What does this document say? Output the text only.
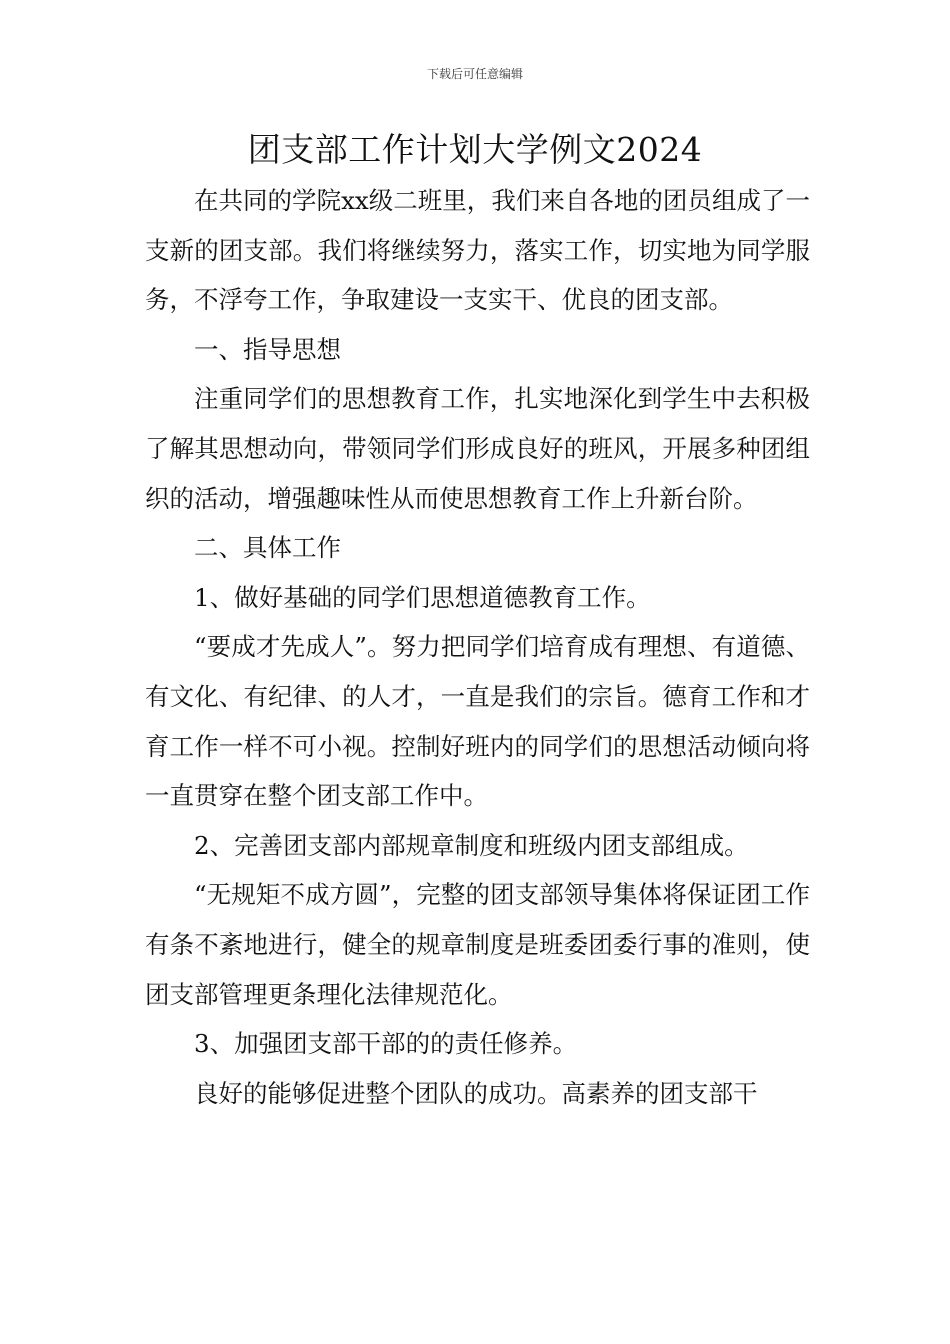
下载后可任意编辑
团支部工作计划大学例文2024

在共同的学院xx级二班里，我们来自各地的团员组成了一支新的团支部。我们将继续努力，落实工作，切实地为同学服务，不浮夸工作，争取建设一支实干、优良的团支部。

一、指导思想

注重同学们的思想教育工作，扎实地深化到学生中去积极了解其思想动向，带领同学们形成良好的班风，开展多种团组织的活动，增强趣味性从而使思想教育工作上升新台阶。

二、具体工作

1、做好基础的同学们思想道德教育工作。

“要成才先成人”。努力把同学们培育成有理想、有道德、有文化、有纪律、的人才，一直是我们的宗旨。德育工作和才育工作一样不可小视。控制好班内的同学们的思想活动倾向将一直贯穿在整个团支部工作中。

2、完善团支部内部规章制度和班级内团支部组成。

“无规矩不成方圆”，完整的团支部领导集体将保证团工作有条不紊地进行，健全的规章制度是班委团委行事的准则，使团支部管理更条理化法律规范化。

3、加强团支部干部的的责任修养。

良好的能够促进整个团队的成功。高素养的团支部干
